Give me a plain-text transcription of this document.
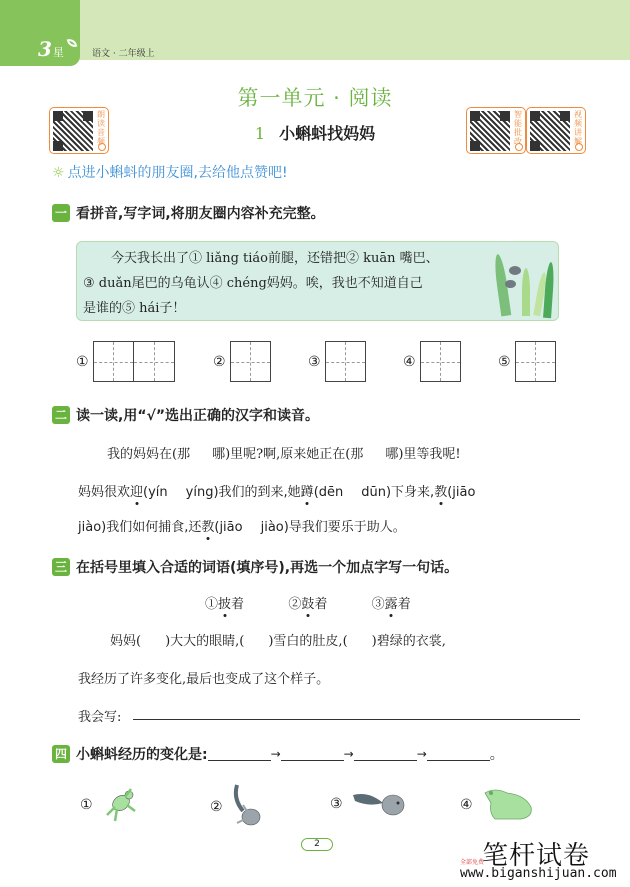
3星	语文 · 二年级上
第一单元 · 阅读
1 小蝌蚪找妈妈
朗读音频
智能批改
视频讲解
☼ 点进小蝌蚪的朋友圈,去给他点赞吧!
一 看拼音,写字词,将朋友圈内容补充完整。
今天我长出了① liǎng tiáo前腿，还错把② kuān 嘴巴、
③ duǎn尾巴的乌龟认④ chéng妈妈。唉，我也不知道自己
是谁的⑤ hái子！
①	②	③	④	⑤
二 读一读,用“√”选出正确的汉字和读音。
我的妈妈在(那 哪)里呢?啊,原来她正在(那 哪)里等我呢!
妈妈很欢迎(yín yíng)我们的到来,她蹲(dēn dūn)下身来,教(jiāo
jiào)我们如何捕食,还教(jiāo jiào)导我们要乐于助人。
三 在括号里填入合适的词语(填序号),再选一个加点字写一句话。
①披着	②鼓着	③露着
妈妈( )大大的眼睛,( )雪白的肚皮,( )碧绿的衣裳,
我经历了许多变化,最后也变成了这个样子。
我会写:
四 小蝌蚪经历的变化是:	→	→	→	。
①	②	③	④
2	笔杆试卷
全部免费
www.biganshijuan.com
